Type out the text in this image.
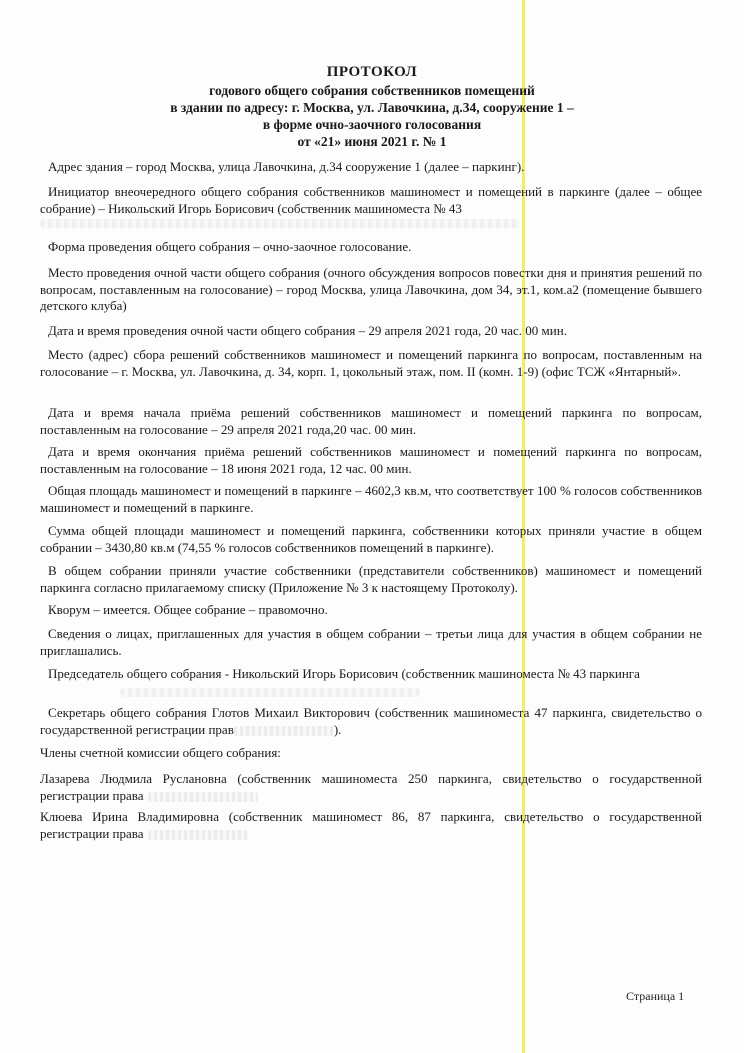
ПРОТОКОЛ
годового общего собрания собственников помещений
в здании по адресу: г. Москва, ул. Лавочкина, д.34, сооружение 1 –
в форме очно-заочного голосования
от «21» июня 2021 г. № 1

Адрес здания – город Москва, улица Лавочкина, д.34 сооружение 1 (далее – паркинг).

Инициатор внеочередного общего собрания собственников машиномест и помещений в паркинге (далее – общее собрание) – Никольский Игорь Борисович (собственник машиноместа № 43

Форма проведения общего собрания – очно-заочное голосование.

Место проведения очной части общего собрания (очного обсуждения вопросов повестки дня и принятия решений по вопросам, поставленным на голосование) – город Москва, улица Лавочкина, дом 34, эт.1, ком.а2 (помещение бывшего детского клуба)

Дата и время проведения очной части общего собрания – 29 апреля 2021 года, 20 час. 00 мин.

Место (адрес) сбора решений собственников машиномест и помещений паркинга по вопросам, поставленным на голосование – г. Москва, ул. Лавочкина, д. 34, корп. 1, цокольный этаж, пом. II (комн. 1-9) (офис ТСЖ «Янтарный».

Дата и время начала приёма решений собственников машиномест и помещений паркинга по вопросам, поставленным на голосование – 29 апреля 2021 года,20 час. 00 мин.

Дата и время окончания приёма решений собственников машиномест и помещений паркинга по вопросам, поставленным на голосование – 18 июня 2021 года, 12 час. 00 мин.

Общая площадь машиномест и помещений в паркинге – 4602,3 кв.м, что соответствует 100 % голосов собственников машиномест и помещений в паркинге.

Сумма общей площади машиномест и помещений паркинга, собственники которых приняли участие в общем собрании – 3430,80 кв.м (74,55 % голосов собственников помещений в паркинге).

В общем собрании приняли участие собственники (представители собственников) машиномест и помещений паркинга согласно прилагаемому списку (Приложение № 3 к настоящему Протоколу).

Кворум – имеется. Общее собрание – правомочно.

Сведения о лицах, приглашенных для участия в общем собрании – третьи лица для участия в общем собрании не приглашались.

Председатель общего собрания - Никольский Игорь Борисович (собственник машиноместа № 43 паркинга

Секретарь общего собрания Глотов Михаил Викторович (собственник машиноместа 47 паркинга, свидетельство о государственной регистрации прав	).

Члены счетной комиссии общего собрания:

Лазарева Людмила Руслановна (собственник машиноместа 250 паркинга, свидетельство о государственной регистрации права

Клюева Ирина Владимировна (собственник машиномест 86, 87 паркинга, свидетельство о государственной регистрации права

Страница 1
